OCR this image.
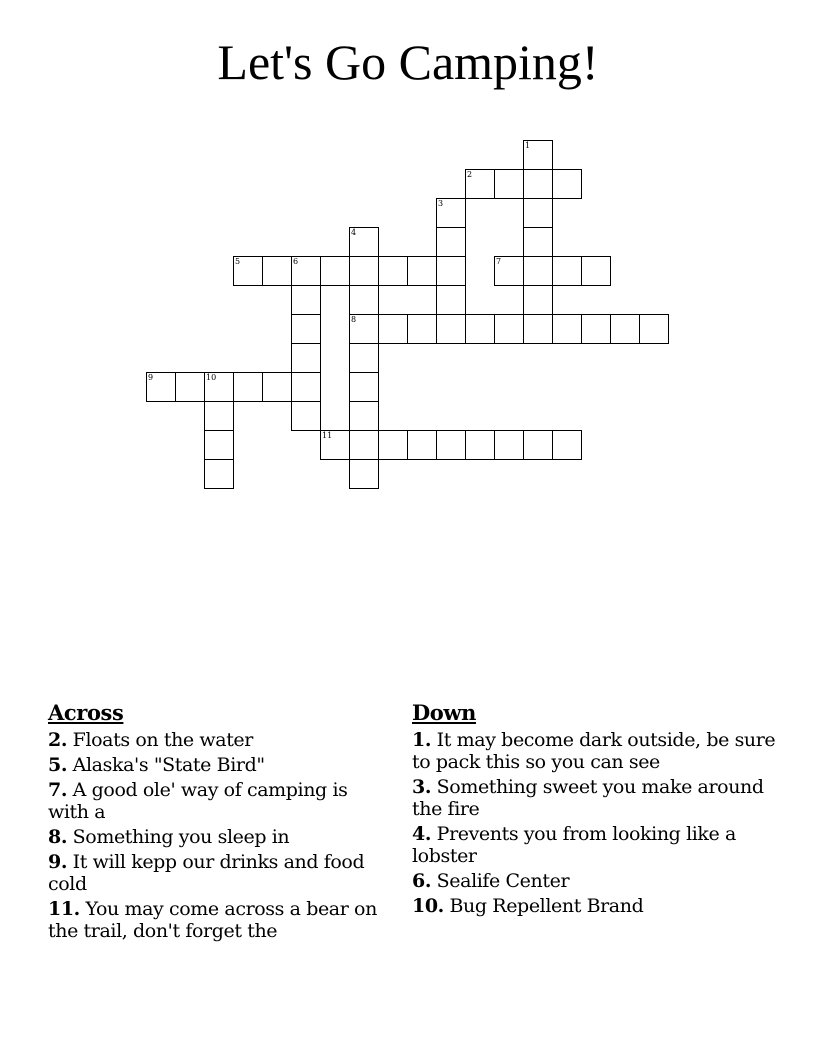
Let's Go Camping!
1
2
3
4
8
5	6	7
9	10
11
Across
2. Floats on the water
5. Alaska's "State Bird"
7. A good ole' way of camping is with a
8. Something you sleep in
9. It will kepp our drinks and food cold
11. You may come across a bear on the trail, don't forget the
Down
1. It may become dark outside, be sure to pack this so you can see
3. Something sweet you make around the fire
4. Prevents you from looking like a lobster
6. Sealife Center
10. Bug Repellent Brand
